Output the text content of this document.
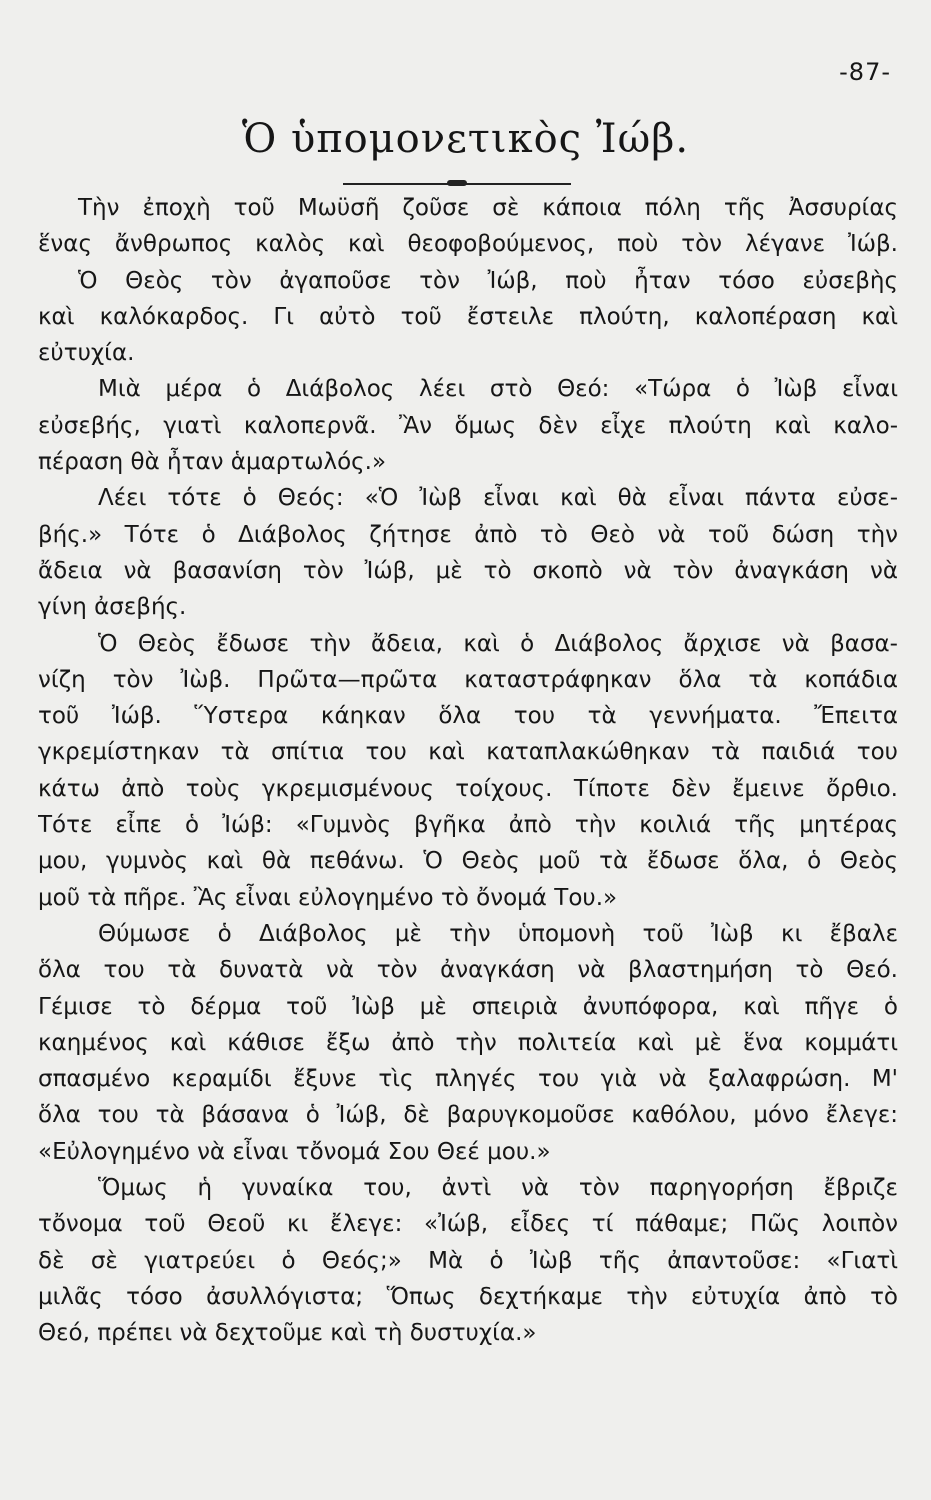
-87-
Ὁ ὑπομονετικὸς Ἰώβ.
Τὴν ἐποχὴ τοῦ Μωϋσῆ ζοῦσε σὲ κάποια πόλη τῆς Ἀσσυρίας
ἕνας ἄνθρωπος καλὸς καὶ θεοφοβούμενος, ποὺ τὸν λέγανε Ἰώβ.
Ὁ Θεὸς τὸν ἀγαποῦσε τὸν Ἰώβ, ποὺ ἦταν τόσο εὐσεβὴς
καὶ καλόκαρδος. Γι αὐτὸ τοῦ ἔστειλε πλούτη, καλοπέραση καὶ
εὐτυχία.
Μιὰ μέρα ὁ Διάβολος λέει στὸ Θεό: «Τώρα ὁ Ἰὼβ εἶναι
εὐσεβής, γιατὶ καλοπερνᾶ. Ἂν ὅμως δὲν εἶχε πλούτη καὶ καλο-
πέραση θὰ ἦταν ἁμαρτωλός.»
Λέει τότε ὁ Θεός: «Ὁ Ἰὼβ εἶναι καὶ θὰ εἶναι πάντα εὐσε-
βής.» Τότε ὁ Διάβολος ζήτησε ἀπὸ τὸ Θεὸ νὰ τοῦ δώση τὴν
ἄδεια νὰ βασανίση τὸν Ἰώβ, μὲ τὸ σκοπὸ νὰ τὸν ἀναγκάση νὰ
γίνη ἀσεβής.
Ὁ Θεὸς ἔδωσε τὴν ἄδεια, καὶ ὁ Διάβολος ἄρχισε νὰ βασα-
νίζη τὸν Ἰὼβ. Πρῶτα—πρῶτα καταστράφηκαν ὅλα τὰ κοπάδια
τοῦ Ἰώβ. Ὕστερα κάηκαν ὅλα του τὰ γεννήματα. Ἔπειτα
γκρεμίστηκαν τὰ σπίτια του καὶ καταπλακώθηκαν τὰ παιδιά του
κάτω ἀπὸ τοὺς γκρεμισμένους τοίχους. Τίποτε δὲν ἔμεινε ὄρθιο.
Τότε εἶπε ὁ Ἰώβ: «Γυμνὸς βγῆκα ἀπὸ τὴν κοιλιά τῆς μητέρας
μου, γυμνὸς καὶ θὰ πεθάνω. Ὁ Θεὸς μοῦ τὰ ἔδωσε ὅλα, ὁ Θεὸς
μοῦ τὰ πῆρε. Ἂς εἶναι εὐλογημένο τὸ ὄνομά Του.»
Θύμωσε ὁ Διάβολος μὲ τὴν ὑπομονὴ τοῦ Ἰὼβ κι ἔβαλε
ὅλα του τὰ δυνατὰ νὰ τὸν ἀναγκάση νὰ βλαστημήση τὸ Θεό.
Γέμισε τὸ δέρμα τοῦ Ἰὼβ μὲ σπειριὰ ἀνυπόφορα, καὶ πῆγε ὁ
καημένος καὶ κάθισε ἔξω ἀπὸ τὴν πολιτεία καὶ μὲ ἕνα κομμάτι
σπασμένο κεραμίδι ἔξυνε τὶς πληγές του γιὰ νὰ ξαλαφρώση. Μ'
ὅλα του τὰ βάσανα ὁ Ἰώβ, δὲ βαρυγκομοῦσε καθόλου, μόνο ἔλεγε:
«Εὐλογημένο νὰ εἶναι τὄνομά Σου Θεέ μου.»
Ὅμως ἡ γυναίκα του, ἀντὶ νὰ τὸν παρηγορήση ἔβριζε
τὄνομα τοῦ Θεοῦ κι ἔλεγε: «Ἰώβ, εἶδες τί πάθαμε; Πῶς λοιπὸν
δὲ σὲ γιατρεύει ὁ Θεός;» Μὰ ὁ Ἰὼβ τῆς ἀπαντοῦσε: «Γιατὶ
μιλᾶς τόσο ἀσυλλόγιστα; Ὅπως δεχτήκαμε τὴν εὐτυχία ἀπὸ τὸ
Θεό, πρέπει νὰ δεχτοῦμε καὶ τὴ δυστυχία.»
